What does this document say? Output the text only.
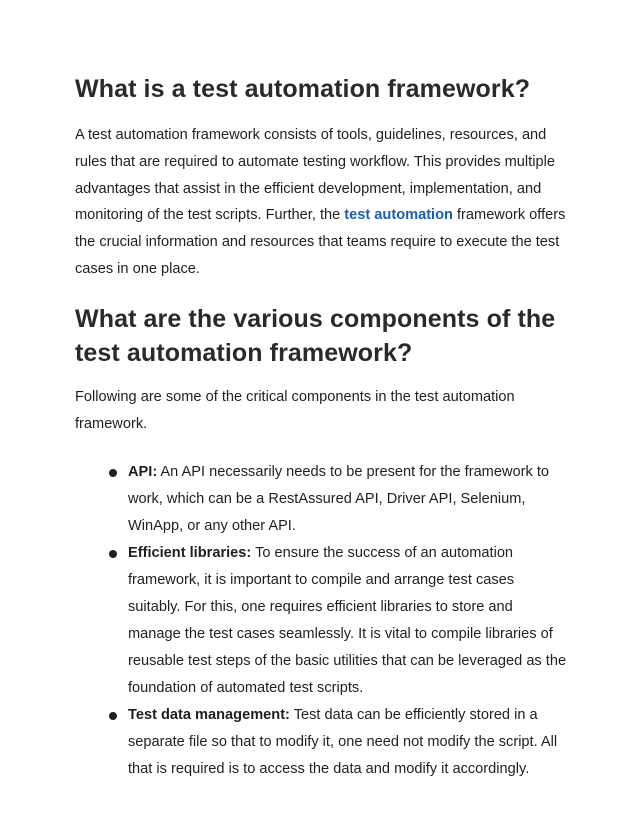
What is a test automation framework?

A test automation framework consists of tools, guidelines, resources, and rules that are required to automate testing workflow. This provides multiple advantages that assist in the efficient development, implementation, and monitoring of the test scripts. Further, the test automation framework offers the crucial information and resources that teams require to execute the test cases in one place.

What are the various components of the test automation framework?

Following are some of the critical components in the test automation framework.

API: An API necessarily needs to be present for the framework to work, which can be a RestAssured API, Driver API, Selenium, WinApp, or any other API.
Efficient libraries: To ensure the success of an automation framework, it is important to compile and arrange test cases suitably. For this, one requires efficient libraries to store and manage the test cases seamlessly. It is vital to compile libraries of reusable test steps of the basic utilities that can be leveraged as the foundation of automated test scripts.
Test data management: Test data can be efficiently stored in a separate file so that to modify it, one need not modify the script. All that is required is to access the data and modify it accordingly.
